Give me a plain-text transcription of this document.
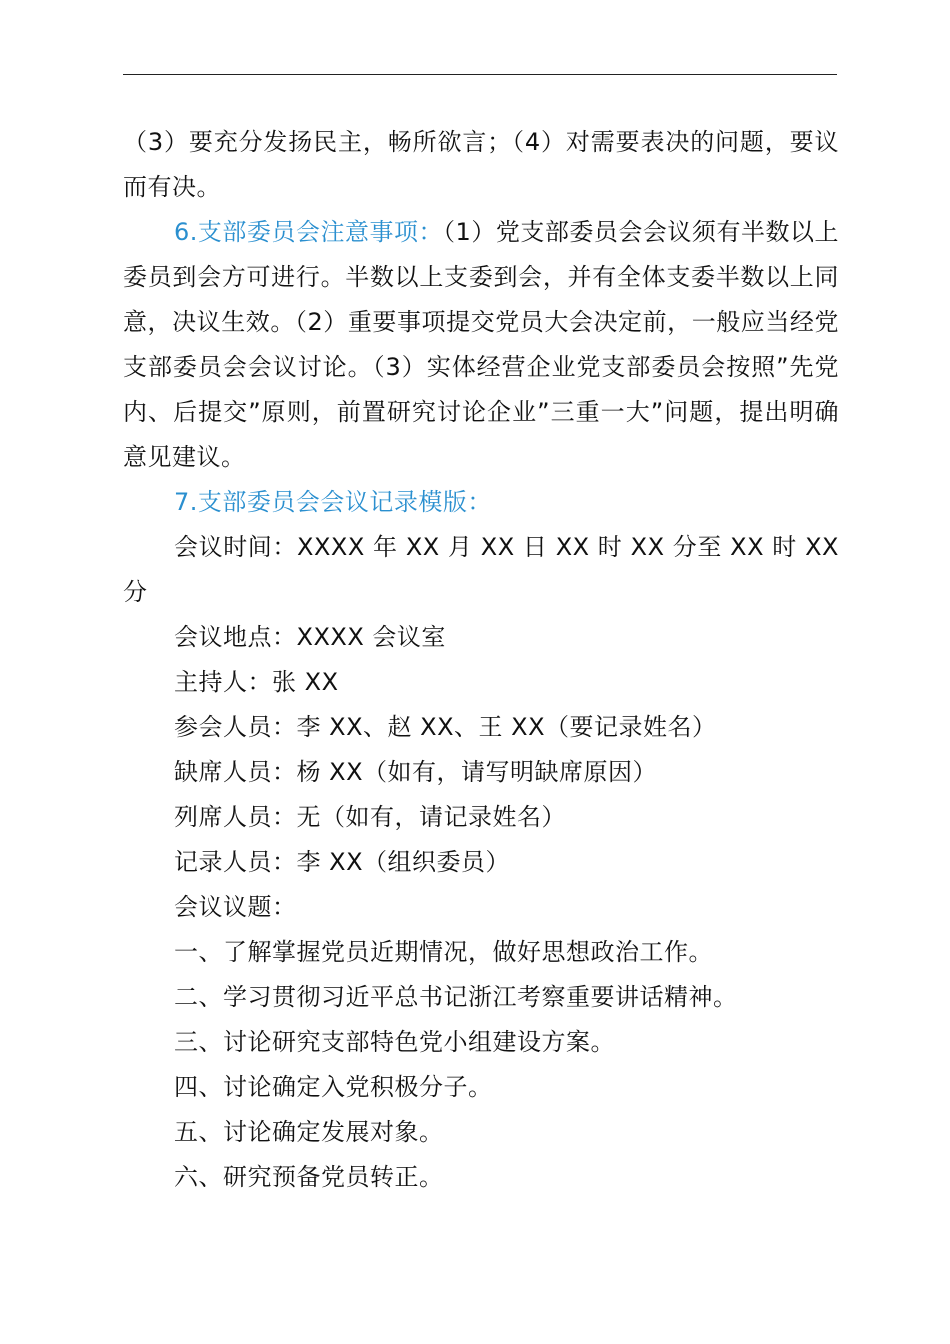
（3）要充分发扬民主，畅所欲言；（4）对需要表决的问题，要议而有决。

6.支部委员会注意事项：（1）党支部委员会会议须有半数以上委员到会方可进行。半数以上支委到会，并有全体支委半数以上同意，决议生效。（2）重要事项提交党员大会决定前，一般应当经党支部委员会会议讨论。（3）实体经营企业党支部委员会按照”先党内、后提交”原则，前置研究讨论企业”三重一大”问题，提出明确意见建议。

7.支部委员会会议记录模版：

会议时间：XXXX 年 XX 月 XX 日 XX 时 XX 分至 XX 时 XX 分

会议地点：XXXX 会议室

主持人：张 XX

参会人员：李 XX、赵 XX、王 XX（要记录姓名）

缺席人员：杨 XX（如有，请写明缺席原因）

列席人员：无（如有，请记录姓名）

记录人员：李 XX（组织委员）

会议议题：

一、了解掌握党员近期情况，做好思想政治工作。

二、学习贯彻习近平总书记浙江考察重要讲话精神。

三、讨论研究支部特色党小组建设方案。

四、讨论确定入党积极分子。

五、讨论确定发展对象。

六、研究预备党员转正。
